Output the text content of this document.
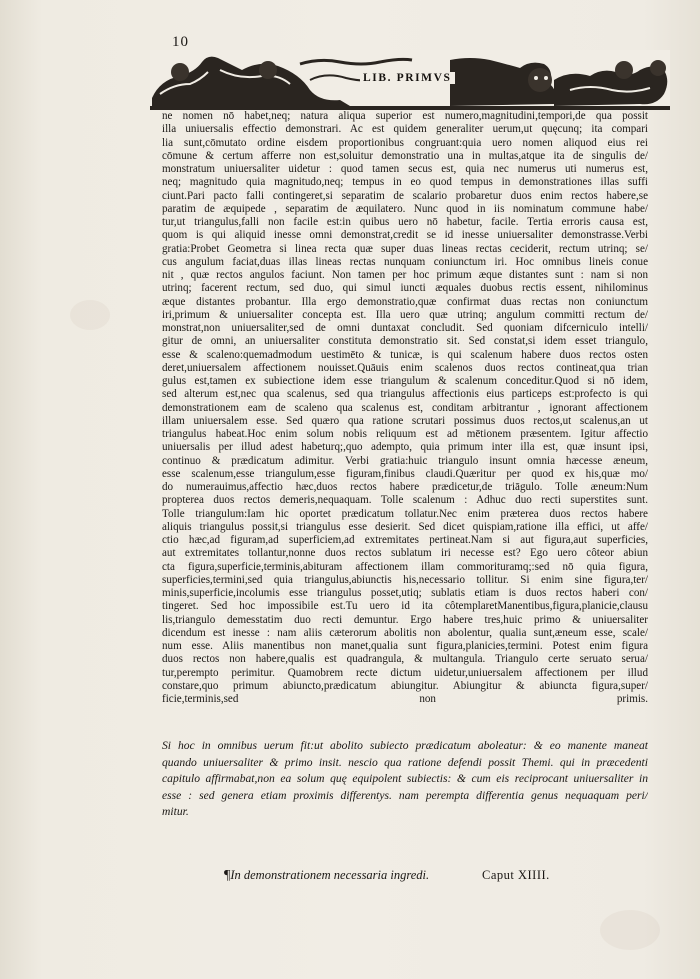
10
LIB. PRIMVS
ne nomen nō habet,neq; natura aliqua superior est numero,magnitudini,tempori,de qua possit
illa uniuersalis effectio demonstrari. Ac est quidem generaliter uerum,ut quęcunq; ita compari
lia sunt,cōmutato ordine eisdem proportionibus congruant:quia uero nomen aliquod eius rei
cōmune & certum afferre non est,soluitur demonstratio una in multas,atque ita de singulis de/
monstratum uniuersaliter uidetur : quod tamen secus est, quia nec numerus uti numerus est,
neq; magnitudo quia magnitudo,neq; tempus in eo quod tempus in demonstrationes illas suffi
ciunt.Pari pacto falli contingeret,si separatim de scalario probaretur duos enim rectos habere,se
paratim de æquipede , separatim de æquilatero. Nunc quod in iis nominatum commune habe/
tur,ut triangulus,falli non facile est:in quibus uero nō habetur, facile. Tertia erroris causa est,
quom is qui aliquid inesse omni demonstrat,credit se id inesse uniuersaliter demonstrasse.Verbi
gratia:Probet Geometra si linea recta quæ super duas lineas rectas ceciderit, rectum utrinq; se/
cus angulum faciat,duas illas lineas rectas nunquam coniunctum iri. Hoc omnibus lineis conue
nit , quæ rectos angulos faciunt. Non tamen per hoc primum æque distantes sunt : nam si non
utrinq; facerent rectum, sed duo, qui simul iuncti æquales duobus rectis essent, nihilominus
æque distantes probantur. Illa ergo demonstratio,quæ confirmat duas rectas non coniunctum
iri,primum & uniuersaliter concepta est. Illa uero quæ utrinq; angulum committi rectum de/
monstrat,non uniuersaliter,sed de omni duntaxat concludit. Sed quoniam difcerniculo intelli/
gitur de omni, an uniuersaliter constituta demonstratio sit. Sed constat,si idem esset triangulo,
esse & scaleno:quemadmodum uestimēto & tunicæ, is qui scalenum habere duos rectos osten
deret,uniuersalem affectionem nouisset.Quāuis enim scalenos duos rectos contineat,qua trian
gulus est,tamen ex subiectione idem esse triangulum & scalenum conceditur.Quod si nō idem,
sed alterum est,nec qua scalenus, sed qua triangulus affectionis eius particeps est:profecto is qui
demonstrationem eam de scaleno qua scalenus est, conditam arbitrantur , ignorant affectionem
illam uniuersalem esse. Sed quæro qua ratione scrutari possimus duos rectos,ut scalenus,an ut
triangulus habeat.Hoc enim solum nobis reliquum est ad mētionem præsentem. Igitur affectio
uniuersalis per illud adest habeturq;,quo adempto, quia primum inter illa est, quæ insunt ipsi,
continuo & prædicatum adimitur. Verbi gratia:huic triangulo insunt omnia hæcesse æneum,
esse scalenum,esse triangulum,esse figuram,finibus claudi.Quæritur per quod ex his,quæ mo/
do numerauimus,affectio hæc,duos rectos habere prædicetur,de triāgulo. Tolle æneum:Num
propterea duos rectos demeris,nequaquam. Tolle scalenum : Adhuc duo recti superstites sunt.
Tolle triangulum:Iam hic oportet prædicatum tollatur.Nec enim præterea duos rectos habere
aliquis triangulus possit,si triangulus esse desierit. Sed dicet quispiam,ratione illa effici, ut affe/
ctio hæc,ad figuram,ad superficiem,ad extremitates pertineat.Nam si aut figura,aut superficies,
aut extremitates tollantur,nonne duos rectos sublatum iri necesse est? Ego uero côteor abiun
cta figura,superficie,terminis,abituram affectionem illam commorituramq;:sed nō quia figura,
superficies,termini,sed quia triangulus,abiunctis his,necessario tollitur. Si enim sine figura,ter/
minis,superficie,incolumis esse triangulus posset,utiq; sublatis etiam is duos rectos haberi con/
tingeret. Sed hoc impossibile est.Tu uero id ita côtemplaretManentibus,figura,planicie,clausu
lis,triangulo demesstatim duo recti demuntur. Ergo habere tres,huic primo & uniuersaliter
dicendum est inesse : nam aliis cæterorum abolitis non abolentur, qualia sunt,æneum esse, scale/
num esse. Aliis manentibus non manet,qualia sunt figura,planicies,termini. Potest enim figura
duos rectos non habere,qualis est quadrangula, & multangula. Triangulo certe seruato serua/
tur,perempto perimitur. Quamobrem recte dictum uidetur,uniuersalem affectionem per illud
constare,quo primum abiuncto,prædicatum abiungitur. Abiungitur & abiuncta figura,super/
ficie,terminis,sed non primis.
Si hoc in omnibus uerum fit:ut abolito subiecto prædicatum aboleatur: & eo manente maneat
quando uniuersaliter & primo insit. nescio qua ratione defendi possit Themi. qui in præcedenti
capitulo affirmabat,non ea solum quę equipolent subiectis: & cum eis reciprocant uniuersaliter in
esse : sed genera etiam proximis differentys. nam perempta differentia genus nequaquam peri/
mitur.
¶In demonstrationem necessaria ingredi.	Caput XIIII.
